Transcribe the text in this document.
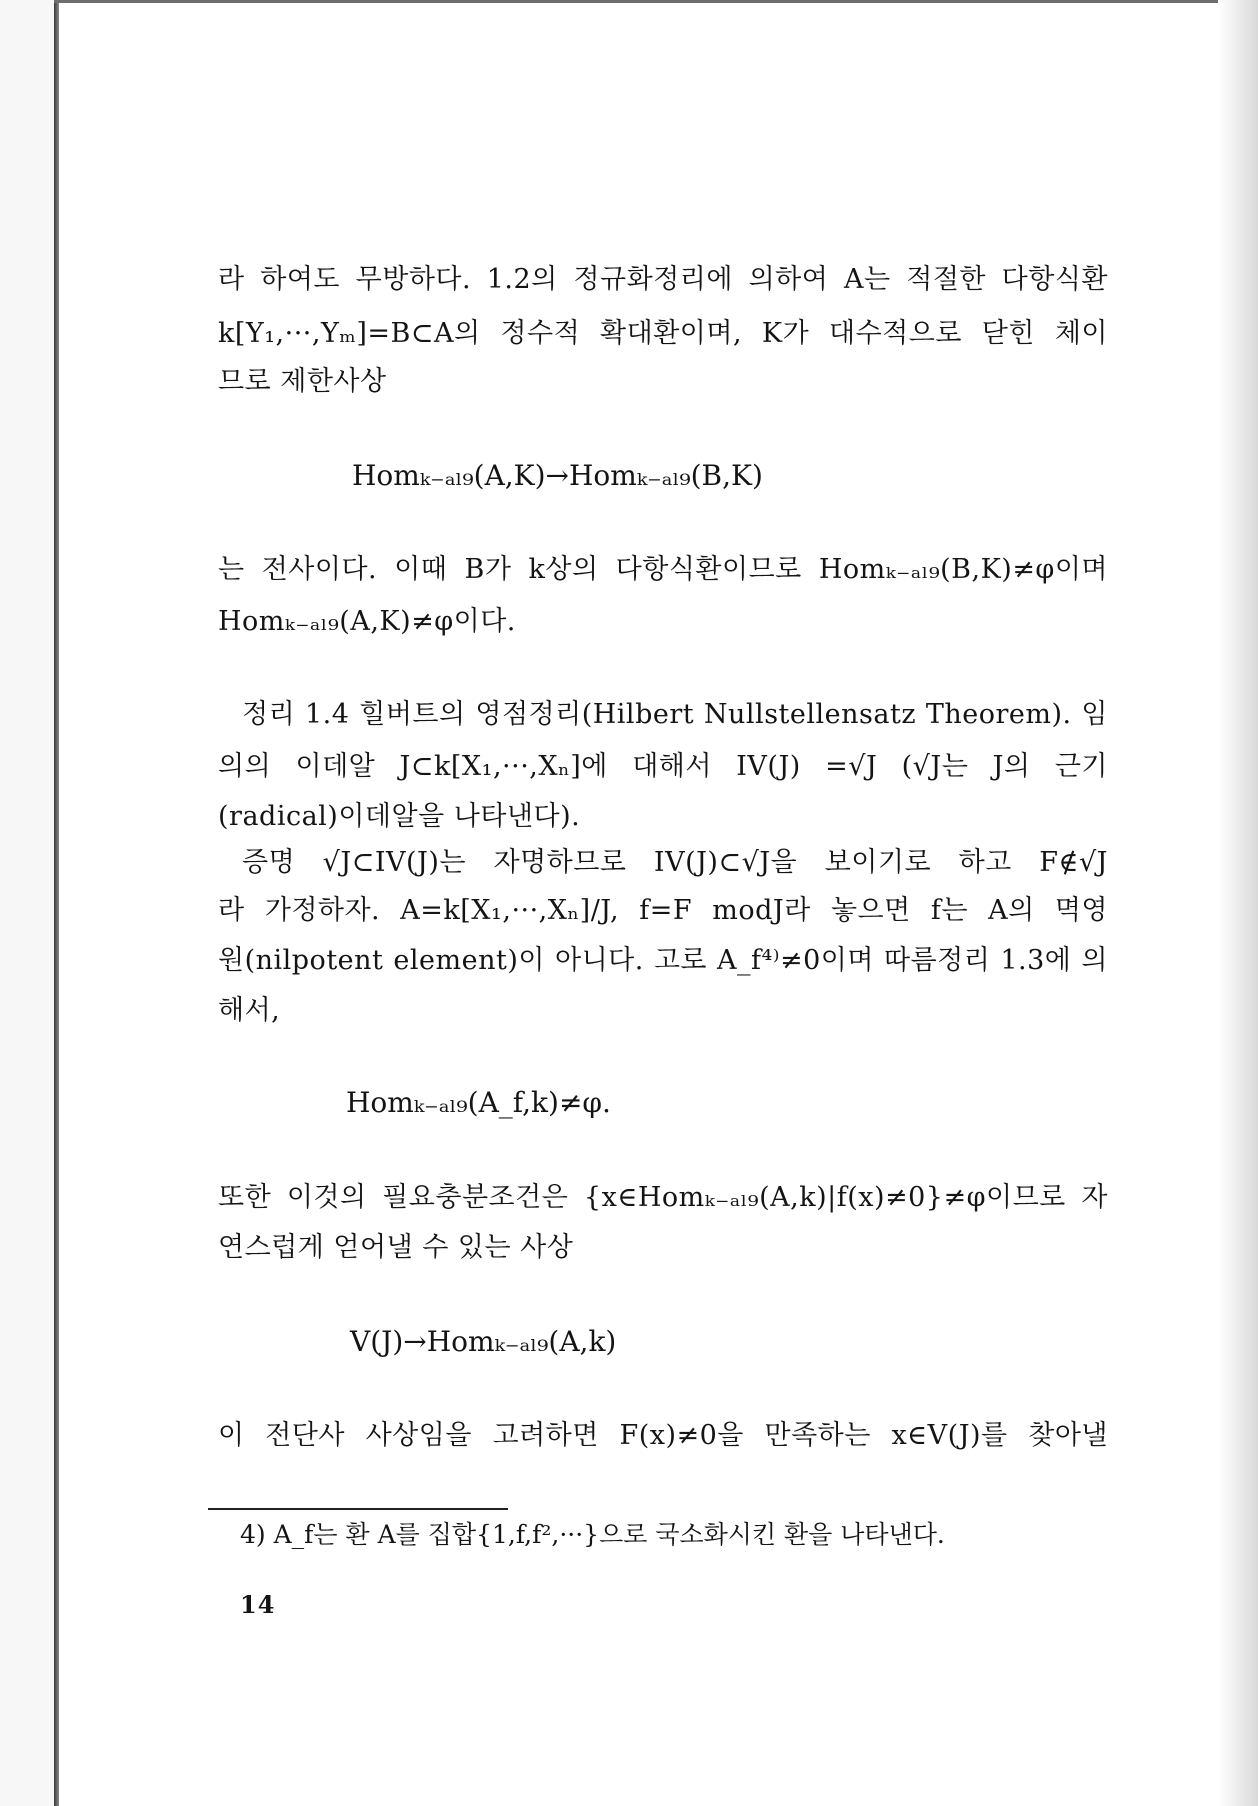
라 하여도 무방하다. 1.2의 정규화정리에 의하여 A는 적절한 다항식환
k[Y₁,···,Yₘ]=B⊂A의 정수적 확대환이며, K가 대수적으로 닫힌 체이
므로 제한사상
Homₖ₋ₐₗ₉(A,K)→Homₖ₋ₐₗ₉(B,K)
는 전사이다. 이때 B가 k상의 다항식환이므로 Homₖ₋ₐₗ₉(B,K)≠φ이며
Homₖ₋ₐₗ₉(A,K)≠φ이다.
정리 1.4 힐버트의 영점정리(Hilbert Nullstellensatz Theorem). 임
의의 이데알 J⊂k[X₁,···,Xₙ]에 대해서 IV(J) =√J (√J는 J의 근기
(radical)이데알을 나타낸다).
증명 √J⊂IV(J)는 자명하므로 IV(J)⊂√J을 보이기로 하고 F∉√J
라 가정하자. A=k[X₁,···,Xₙ]/J, f=F modJ라 놓으면 f는 A의 멱영
원(nilpotent element)이 아니다. 고로 A_f⁴⁾≠0이며 따름정리 1.3에 의
해서,
Homₖ₋ₐₗ₉(A_f,k)≠φ.
또한 이것의 필요충분조건은 {x∈Homₖ₋ₐₗ₉(A,k)|f(x)≠0}≠φ이므로 자
연스럽게 얻어낼 수 있는 사상
V(J)→Homₖ₋ₐₗ₉(A,k)
이 전단사 사상임을 고려하면 F(x)≠0을 만족하는 x∈V(J)를 찾아낼
4) A_f는 환 A를 집합{1,f,f²,···}으로 국소화시킨 환을 나타낸다.
14
